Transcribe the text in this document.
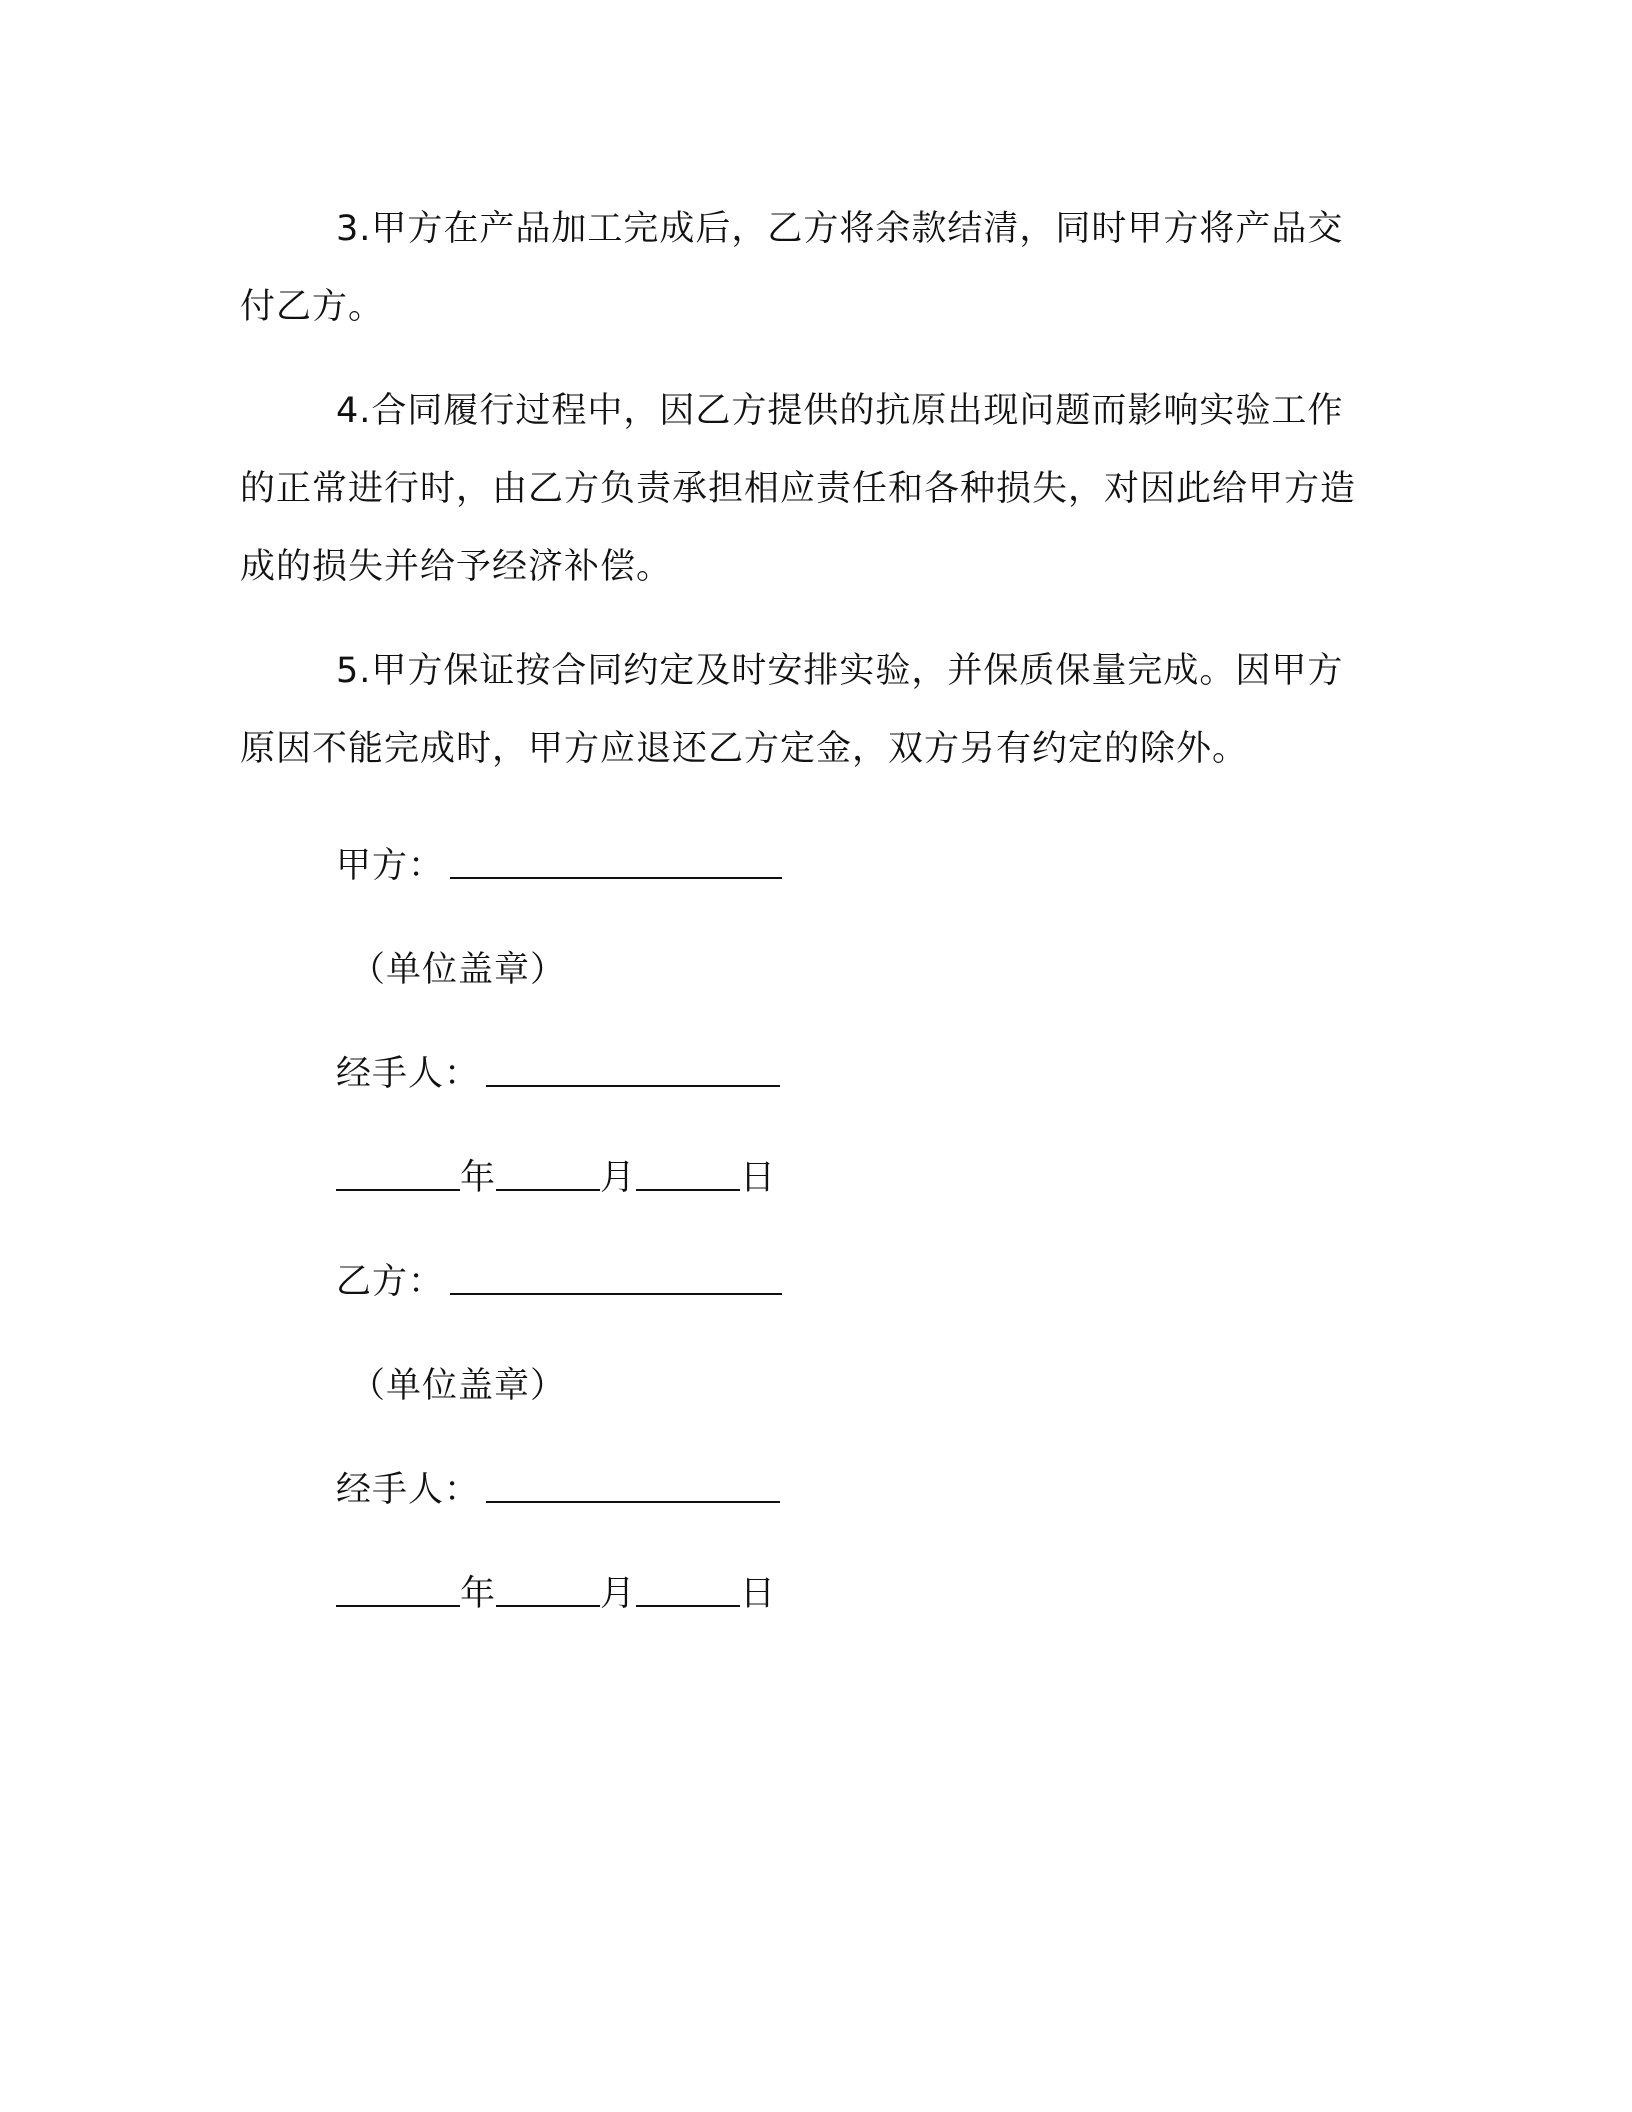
3.甲方在产品加工完成后，乙方将余款结清，同时甲方将产品交付乙方。

4.合同履行过程中，因乙方提供的抗原出现问题而影响实验工作的正常进行时，由乙方负责承担相应责任和各种损失，对因此给甲方造成的损失并给予经济补偿。

5.甲方保证按合同约定及时安排实验，并保质保量完成。因甲方原因不能完成时，甲方应退还乙方定金，双方另有约定的除外。

甲方：
（单位盖章）
经手人：
年	月	日
乙方：
（单位盖章）
经手人：
年	月	日
